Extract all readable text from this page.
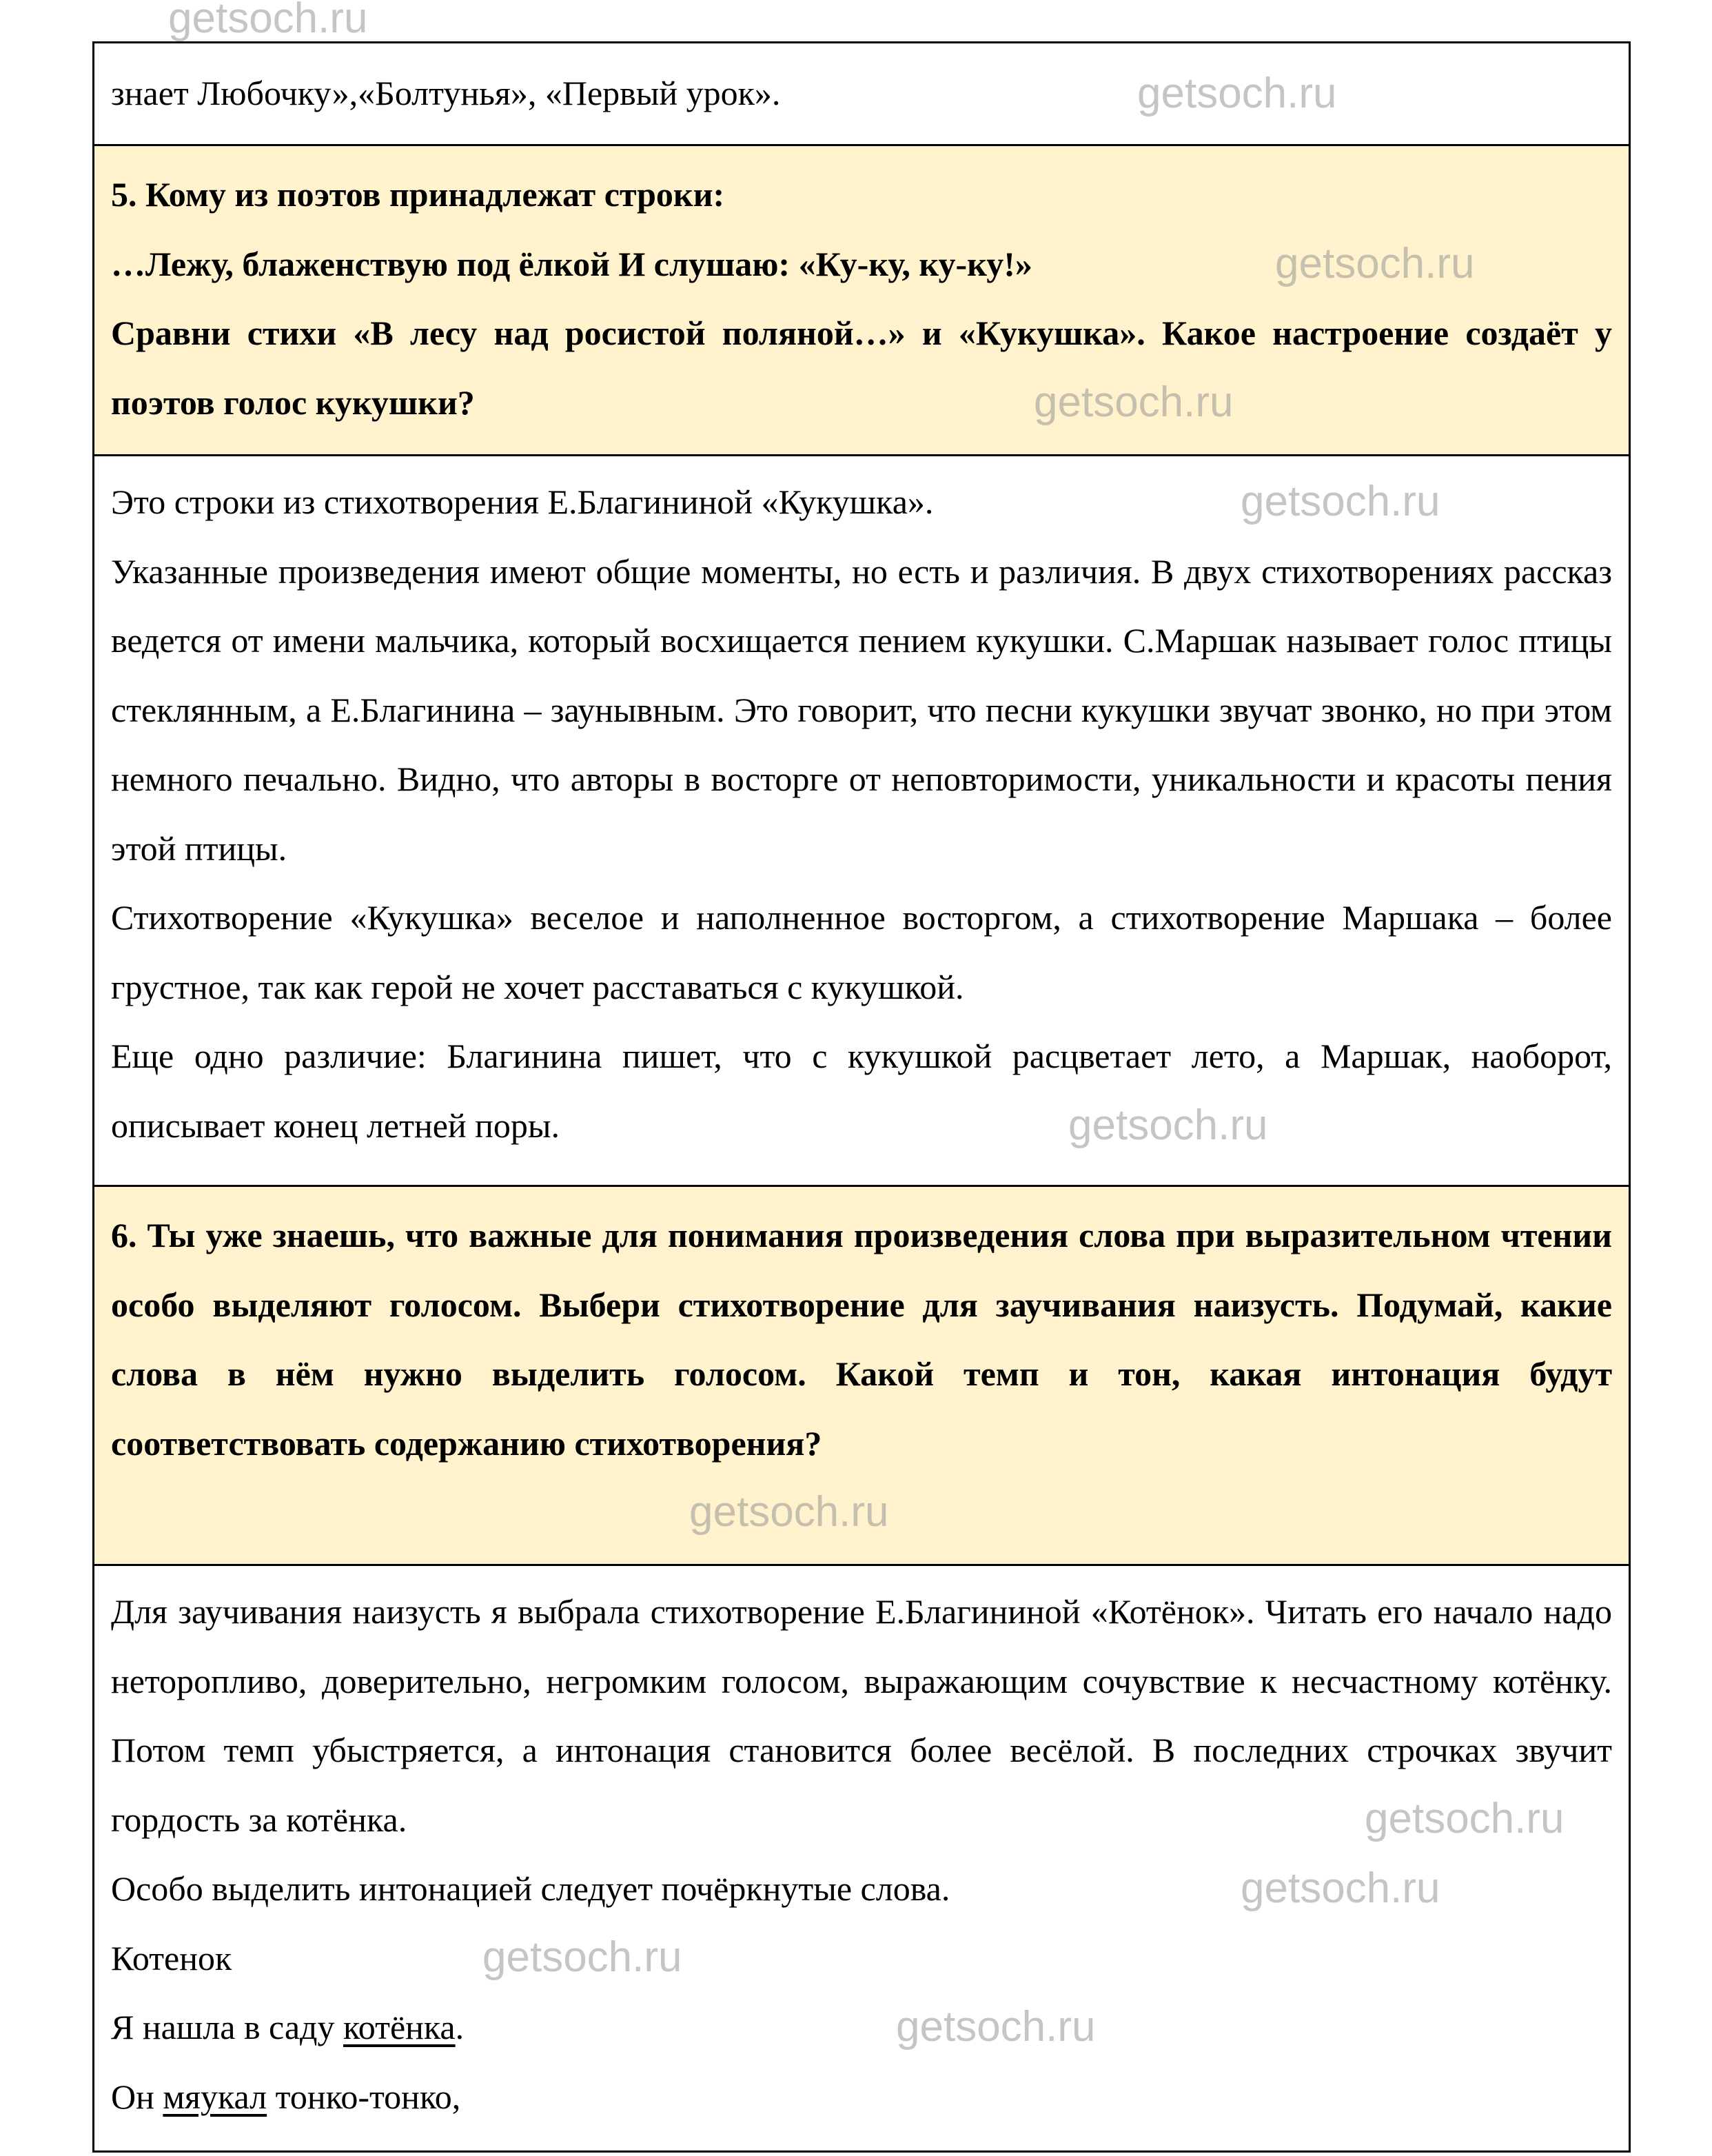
знает Любочку»,«Болтунья», «Первый урок».

5. Кому из поэтов принадлежат строки:

…Лежу, блаженствую под ёлкой И слушаю: «Ку-ку, ку-ку!»

Сравни стихи «В лесу над росистой поляной…» и «Кукушка». Какое настроение создаёт у поэтов голос кукушки?

Это строки из стихотворения Е.Благининой «Кукушка».

Указанные произведения имеют общие моменты, но есть и различия. В двух стихотворениях рассказ ведется от имени мальчика, который восхищается пением кукушки. С.Маршак называет голос птицы стеклянным, а Е.Благинина – заунывным. Это говорит, что песни кукушки звучат звонко, но при этом немного печально. Видно, что авторы в восторге от неповторимости, уникальности и красоты пения этой птицы.

Стихотворение «Кукушка» веселое и наполненное восторгом, а стихотворение Маршака – более грустное, так как герой не хочет расставаться с кукушкой.

Еще одно различие: Благинина пишет, что с кукушкой расцветает лето, а Маршак, наоборот, описывает конец летней поры.

6. Ты уже знаешь, что важные для понимания произведения слова при выразительном чтении особо выделяют голосом. Выбери стихотворение для заучивания наизусть. Подумай, какие слова в нём нужно выделить голосом. Какой темп и тон, какая интонация будут соответствовать содержанию стихотворения?

Для заучивания наизусть я выбрала стихотворение Е.Благининой «Котёнок». Читать его начало надо неторопливо, доверительно, негромким голосом, выражающим сочувствие к несчастному котёнку. Потом темп убыстряется, а интонация становится более весёлой. В последних строчках звучит гордость за котёнка.

Особо выделить интонацией следует почёркнутые слова.

Котенок

Я нашла в саду котёнка.

Он мяукал тонко-тонко,

getsoch.ru
getsoch.ru
getsoch.ru
getsoch.ru
getsoch.ru
getsoch.ru
getsoch.ru
getsoch.ru
getsoch.ru
getsoch.ru
getsoch.ru
